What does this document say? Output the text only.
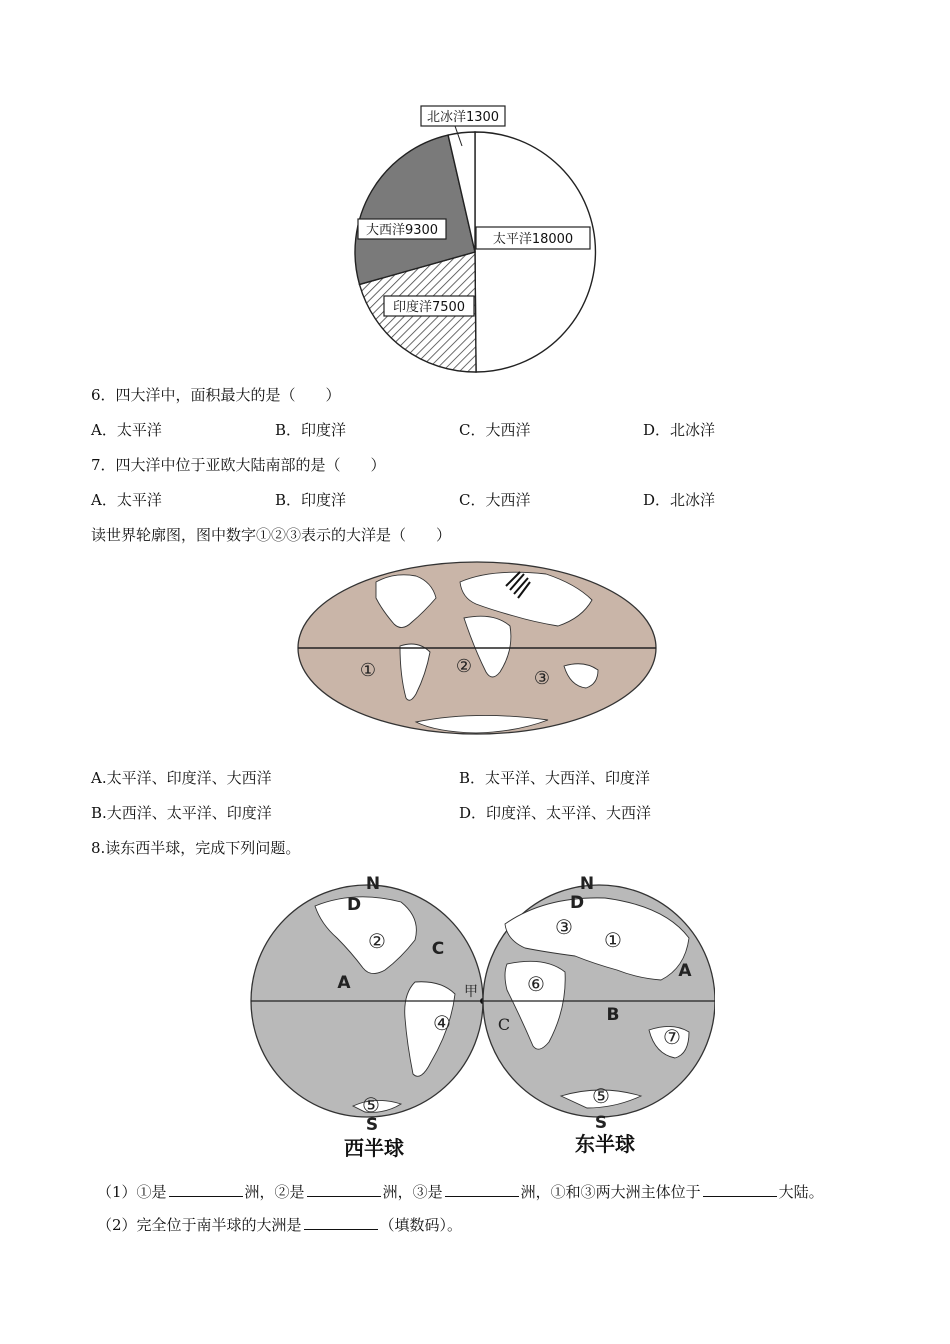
北冰洋1300
大西洋9300
太平洋18000
印度洋7500
6．四大洋中，面积最大的是（　　）
A．太平洋	B．印度洋	C．大西洋	D．北冰洋
7．四大洋中位于亚欧大陆南部的是（　　）
A．太平洋	B．印度洋	C．大西洋	D．北冰洋
读世界轮廓图，图中数字①②③表示的大洋是（　　）
①	②
③
A.太平洋、印度洋、大西洋	B．太平洋、大西洋、印度洋
B.大西洋、太平洋、印度洋	D．印度洋、太平洋、大西洋
8.读东西半球，完成下列问题。
N
D
C
A
S
②
④
⑤
甲
西半球
N
D
A
B
S
C
③
①
⑥
⑦
⑤
东半球
（1）①是	洲，②是	洲，③是	洲，①和③两大洲主体位于	大陆。
（2）完全位于南半球的大洲是	（填数码）。
